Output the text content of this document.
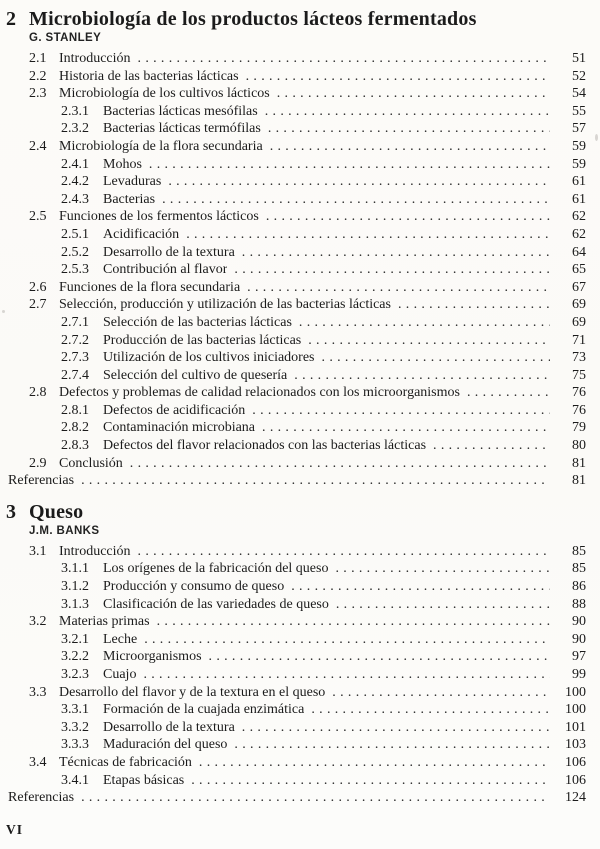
2 Microbiología de los productos lácteos fermentados
G. STANLEY
2.1 Introducción .....	51
2.2 Historia de las bacterias lácticas .....	52
2.3 Microbiología de los cultivos lácticos .....	54
2.3.1	Bacterias lácticas mesófilas .....	55
2.3.2	Bacterias lácticas termófilas .....	57
2.4 Microbiología de la flora secundaria .....	59
2.4.1	Mohos .....	59
2.4.2	Levaduras .....	61
2.4.3	Bacterias .....	61
2.5 Funciones de los fermentos lácticos .....	62
2.5.1	Acidificación .....	62
2.5.2	Desarrollo de la textura .....	64
2.5.3	Contribución al flavor .....	65
2.6 Funciones de la flora secundaria .....	67
2.7 Selección, producción y utilización de las bacterias lácticas .....	69
2.7.1	Selección de las bacterias lácticas .....	69
2.7.2	Producción de las bacterias lácticas .....	71
2.7.3	Utilización de los cultivos iniciadores .....	73
2.7.4	Selección del cultivo de quesería .....	75
2.8 Defectos y problemas de calidad relacionados con los microorganismos .....	76
2.8.1	Defectos de acidificación .....	76
2.8.2	Contaminación microbiana .....	79
2.8.3	Defectos del flavor relacionados con las bacterias lácticas .....	80
2.9 Conclusión .....	81
Referencias .....	81
3 Queso
J.M. BANKS
3.1 Introducción .....	85
3.1.1	Los orígenes de la fabricación del queso .....	85
3.1.2	Producción y consumo de queso .....	86
3.1.3	Clasificación de las variedades de queso .....	88
3.2 Materias primas .....	90
3.2.1	Leche .....	90
3.2.2	Microorganismos .....	97
3.2.3	Cuajo .....	99
3.3 Desarrollo del flavor y de la textura en el queso .....	100
3.3.1	Formación de la cuajada enzimática .....	100
3.3.2	Desarrollo de la textura .....	101
3.3.3	Maduración del queso .....	103
3.4 Técnicas de fabricación .....	106
3.4.1	Etapas básicas .....	106
Referencias .....	124
VI
